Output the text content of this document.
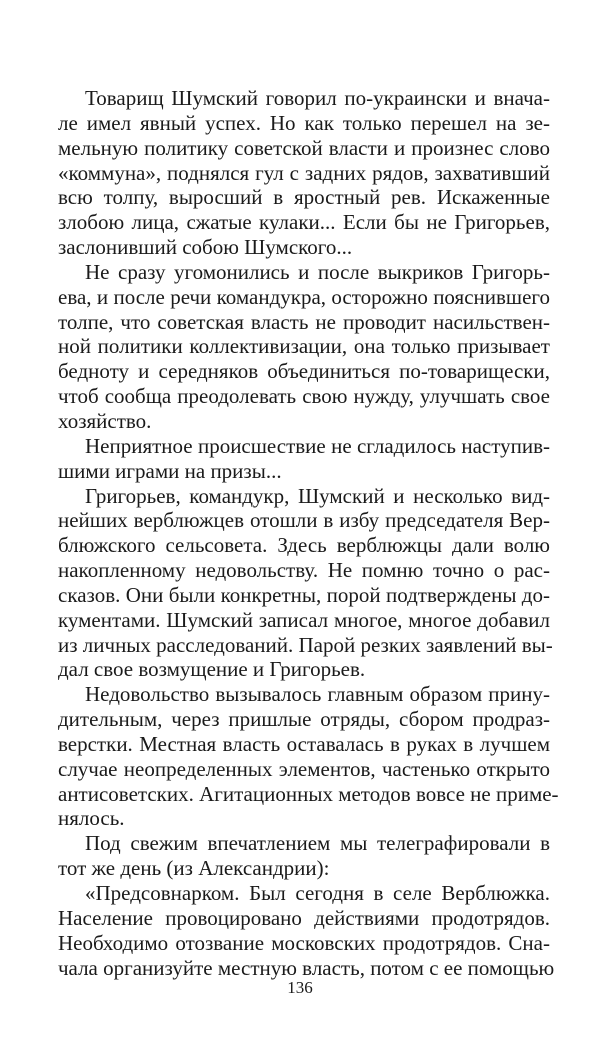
Товарищ Шумский говорил по-украински и внача-
ле имел явный успех. Но как только перешел на зе-
мельную политику советской власти и произнес слово
«коммуна», поднялся гул с задних рядов, захвативший
всю толпу, выросший в яростный рев. Искаженные
злобою лица, сжатые кулаки... Если бы не Григорьев,
заслонивший собою Шумского...
Не сразу угомонились и после выкриков Григорь-
ева, и после речи командукра, осторожно пояснившего
толпе, что советская власть не проводит насильствен-
ной политики коллективизации, она только призывает
бедноту и середняков объединиться по-товарищески,
чтоб сообща преодолевать свою нужду, улучшать свое
хозяйство.
Неприятное происшествие не сгладилось наступив-
шими играми на призы...
Григорьев, командукр, Шумский и несколько вид-
нейших верблюжцев отошли в избу председателя Вер-
блюжского сельсовета. Здесь верблюжцы дали волю
накопленному недовольству. Не помню точно о рас-
сказов. Они были конкретны, порой подтверждены до-
кументами. Шумский записал многое, многое добавил
из личных расследований. Парой резких заявлений вы-
дал свое возмущение и Григорьев.
Недовольство вызывалось главным образом прину-
дительным, через пришлые отряды, сбором продраз-
верстки. Местная власть оставалась в руках в лучшем
случае неопределенных элементов, частенько открыто
антисоветских. Агитационных методов вовсе не приме-
нялось.
Под свежим впечатлением мы телеграфировали в
тот же день (из Александрии):
«Предсовнарком. Был сегодня в селе Верблюжка.
Население провоцировано действиями продотрядов.
Необходимо отозвание московских продотрядов. Сна-
чала организуйте местную власть, потом с ее помощью
136
